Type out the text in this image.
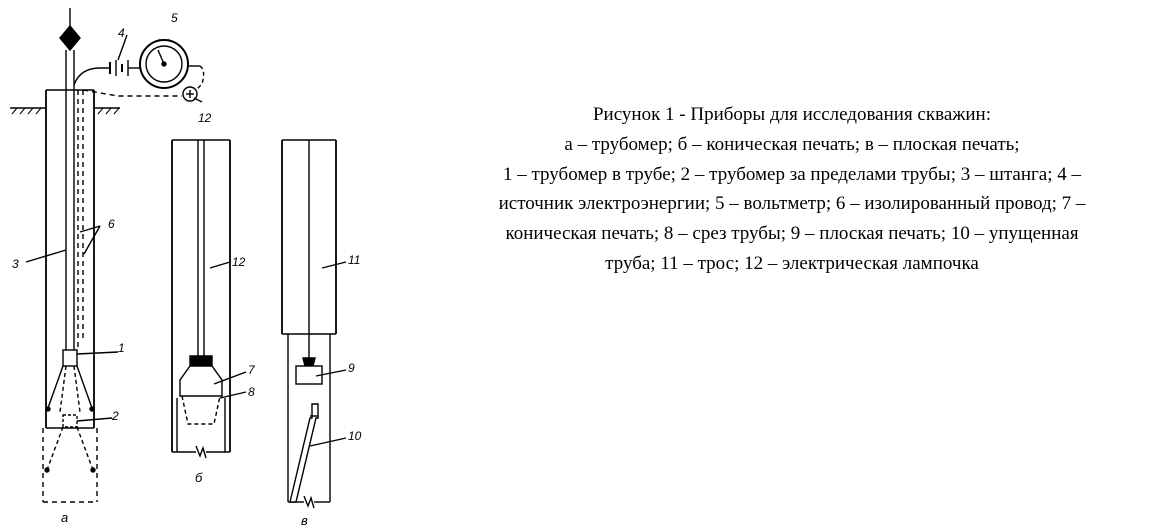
4
5
12
6
3
1
2
12
7
8
11
9
10
а
б
в
Рисунок 1 - Приборы для исследования скважин:
а – трубомер; б – коническая печать; в – плоская печать;
1 – трубомер в трубе; 2 – трубомер за пределами трубы; 3 – штанга; 4 –
источник электроэнергии; 5 – вольтметр; 6 – изолированный провод; 7 –
коническая печать; 8 – срез трубы; 9 – плоская печать; 10 – упущенная
труба; 11 – трос; 12 – электрическая лампочка
